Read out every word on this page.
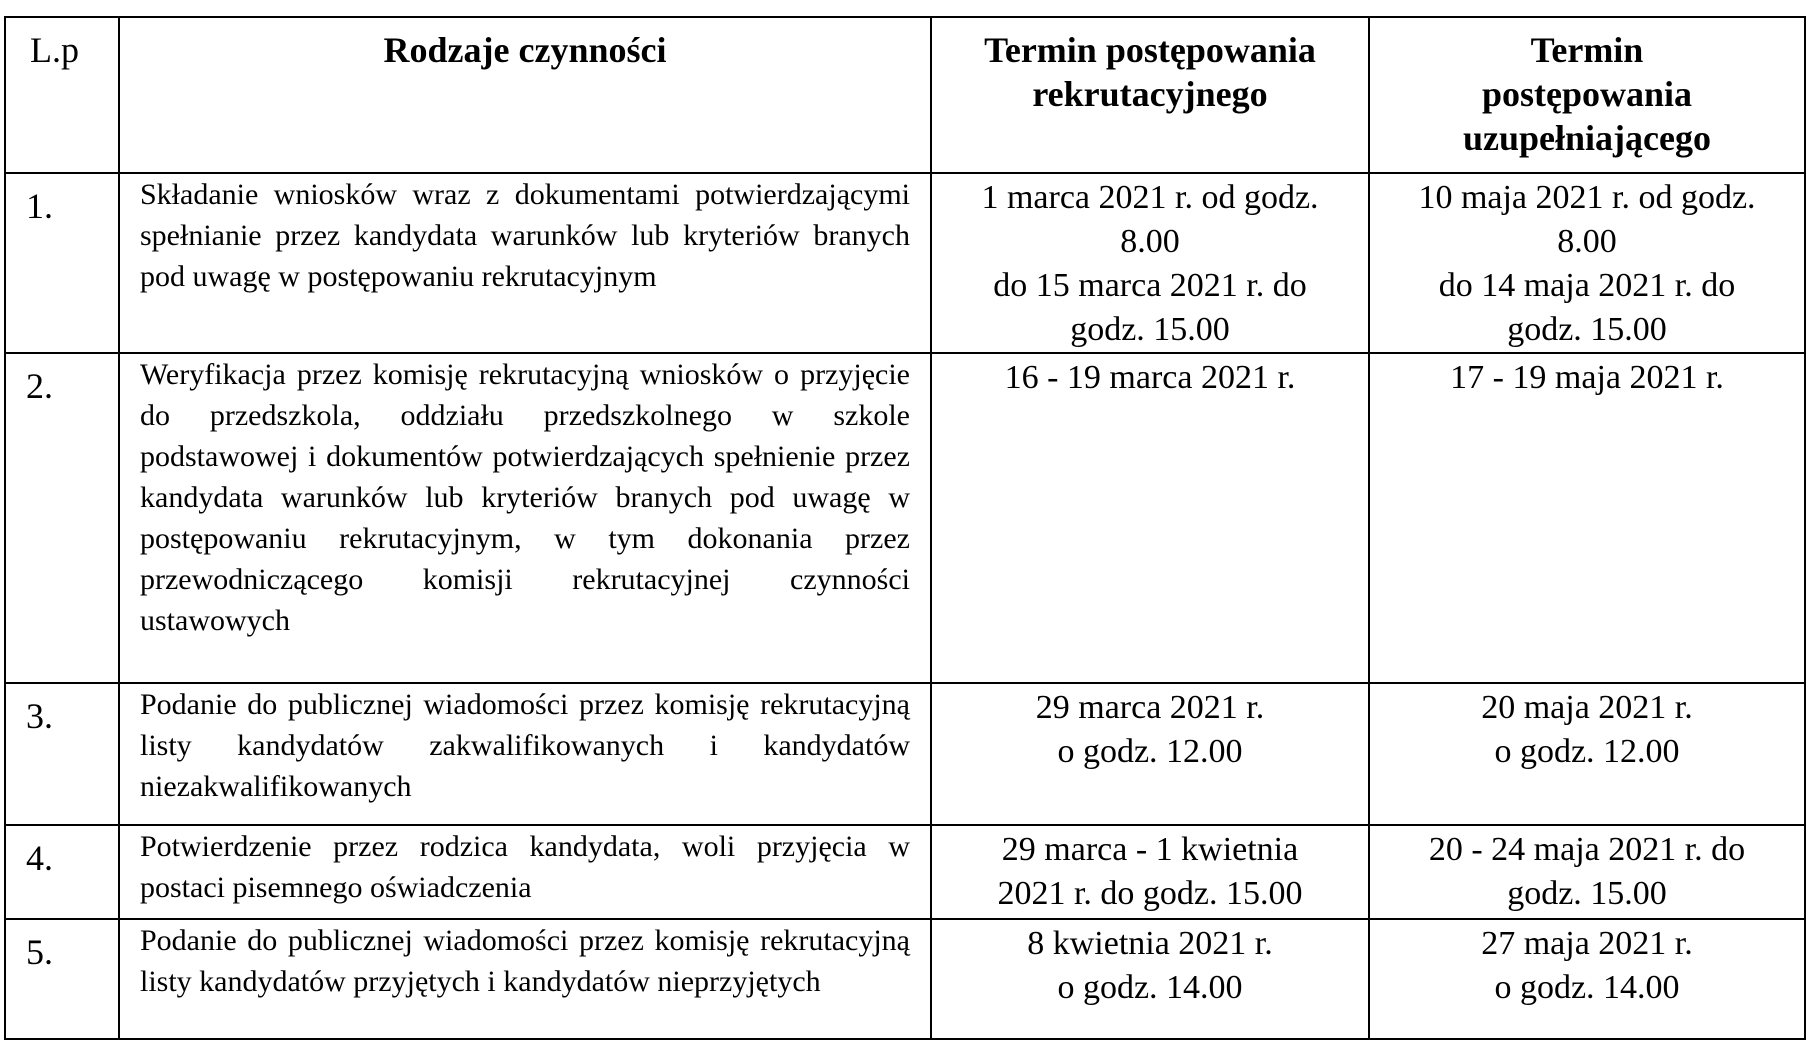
L.p	Rodzaje czynności	Termin postępowania
rekrutacyjnego	Termin
postępowania
uzupełniającego

1.	Składanie wniosków wraz z dokumentami potwierdzającymi spełnianie przez kandydata warunków lub kryteriów branych pod uwagę w postępowaniu rekrutacyjnym	1 marca 2021 r. od godz.
8.00
do 15 marca 2021 r. do
godz. 15.00	10 maja 2021 r. od godz.
8.00
do 14 maja 2021 r. do
godz. 15.00

2.	Weryfikacja przez komisję rekrutacyjną wniosków o przyjęcie do przedszkola, oddziału przedszkolnego w szkole podstawowej i dokumentów potwierdzających spełnienie przez kandydata warunków lub kryteriów branych pod uwagę w postępowaniu rekrutacyjnym, w tym dokonania przez przewodniczącego komisji rekrutacyjnej czynności ustawowych	16 - 19 marca 2021 r.	17 - 19 maja 2021 r.

3.	Podanie do publicznej wiadomości przez komisję rekrutacyjną listy kandydatów zakwalifikowanych i kandydatów niezakwalifikowanych	29 marca 2021 r.
o godz. 12.00	20 maja 2021 r.
o godz. 12.00

4.	Potwierdzenie przez rodzica kandydata, woli przyjęcia w postaci pisemnego oświadczenia	29 marca - 1 kwietnia
2021 r. do godz. 15.00	20 - 24 maja 2021 r. do
godz. 15.00

5.	Podanie do publicznej wiadomości przez komisję rekrutacyjną listy kandydatów przyjętych i kandydatów nieprzyjętych	8 kwietnia 2021 r.
o godz. 14.00	27 maja 2021 r.
o godz. 14.00
